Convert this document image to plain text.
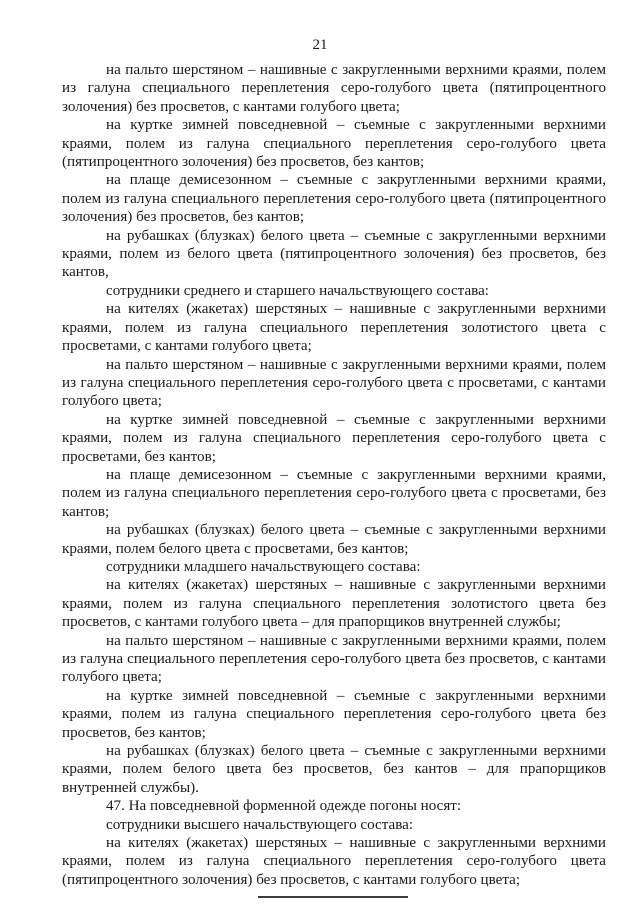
21

на пальто шерстяном – нашивные с закругленными верхними краями, полем из галуна специального переплетения серо-голубого цвета (пятипроцентного золочения) без просветов, с кантами голубого цвета;

на куртке зимней повседневной – съемные с закругленными верхними краями, полем из галуна специального переплетения серо-голубого цвета (пятипроцентного золочения) без просветов, без кантов;

на плаще демисезонном – съемные с закругленными верхними краями, полем из галуна специального переплетения серо-голубого цвета (пятипроцентного золочения) без просветов, без кантов;

на рубашках (блузках) белого цвета – съемные с закругленными верхними краями, полем из белого цвета (пятипроцентного золочения) без просветов, без кантов,

сотрудники среднего и старшего начальствующего состава:

на кителях (жакетах) шерстяных – нашивные с закругленными верхними краями, полем из галуна специального переплетения золотистого цвета с просветами, с кантами голубого цвета;

на пальто шерстяном – нашивные с закругленными верхними краями, полем из галуна специального переплетения серо-голубого цвета с просветами, с кантами голубого цвета;

на куртке зимней повседневной – съемные с закругленными верхними краями, полем из галуна специального переплетения серо-голубого цвета с просветами, без кантов;

на плаще демисезонном – съемные с закругленными верхними краями, полем из галуна специального переплетения серо-голубого цвета с просветами, без кантов;

на рубашках (блузках) белого цвета – съемные с закругленными верхними краями, полем белого цвета с просветами, без кантов;

сотрудники младшего начальствующего состава:

на кителях (жакетах) шерстяных – нашивные с закругленными верхними краями, полем из галуна специального переплетения золотистого цвета без просветов, с кантами голубого цвета – для прапорщиков внутренней службы;

на пальто шерстяном – нашивные с закругленными верхними краями, полем из галуна специального переплетения серо-голубого цвета без просветов, с кантами голубого цвета;

на куртке зимней повседневной – съемные с закругленными верхними краями, полем из галуна специального переплетения серо-голубого цвета без просветов, без кантов;

на рубашках (блузках) белого цвета – съемные с закругленными верхними краями, полем белого цвета без просветов, без кантов – для прапорщиков внутренней службы).

47. На повседневной форменной одежде погоны носят:

сотрудники высшего начальствующего состава:

на кителях (жакетах) шерстяных – нашивные с закругленными верхними краями, полем из галуна специального переплетения серо-голубого цвета (пятипроцентного золочения) без просветов, с кантами голубого цвета;
